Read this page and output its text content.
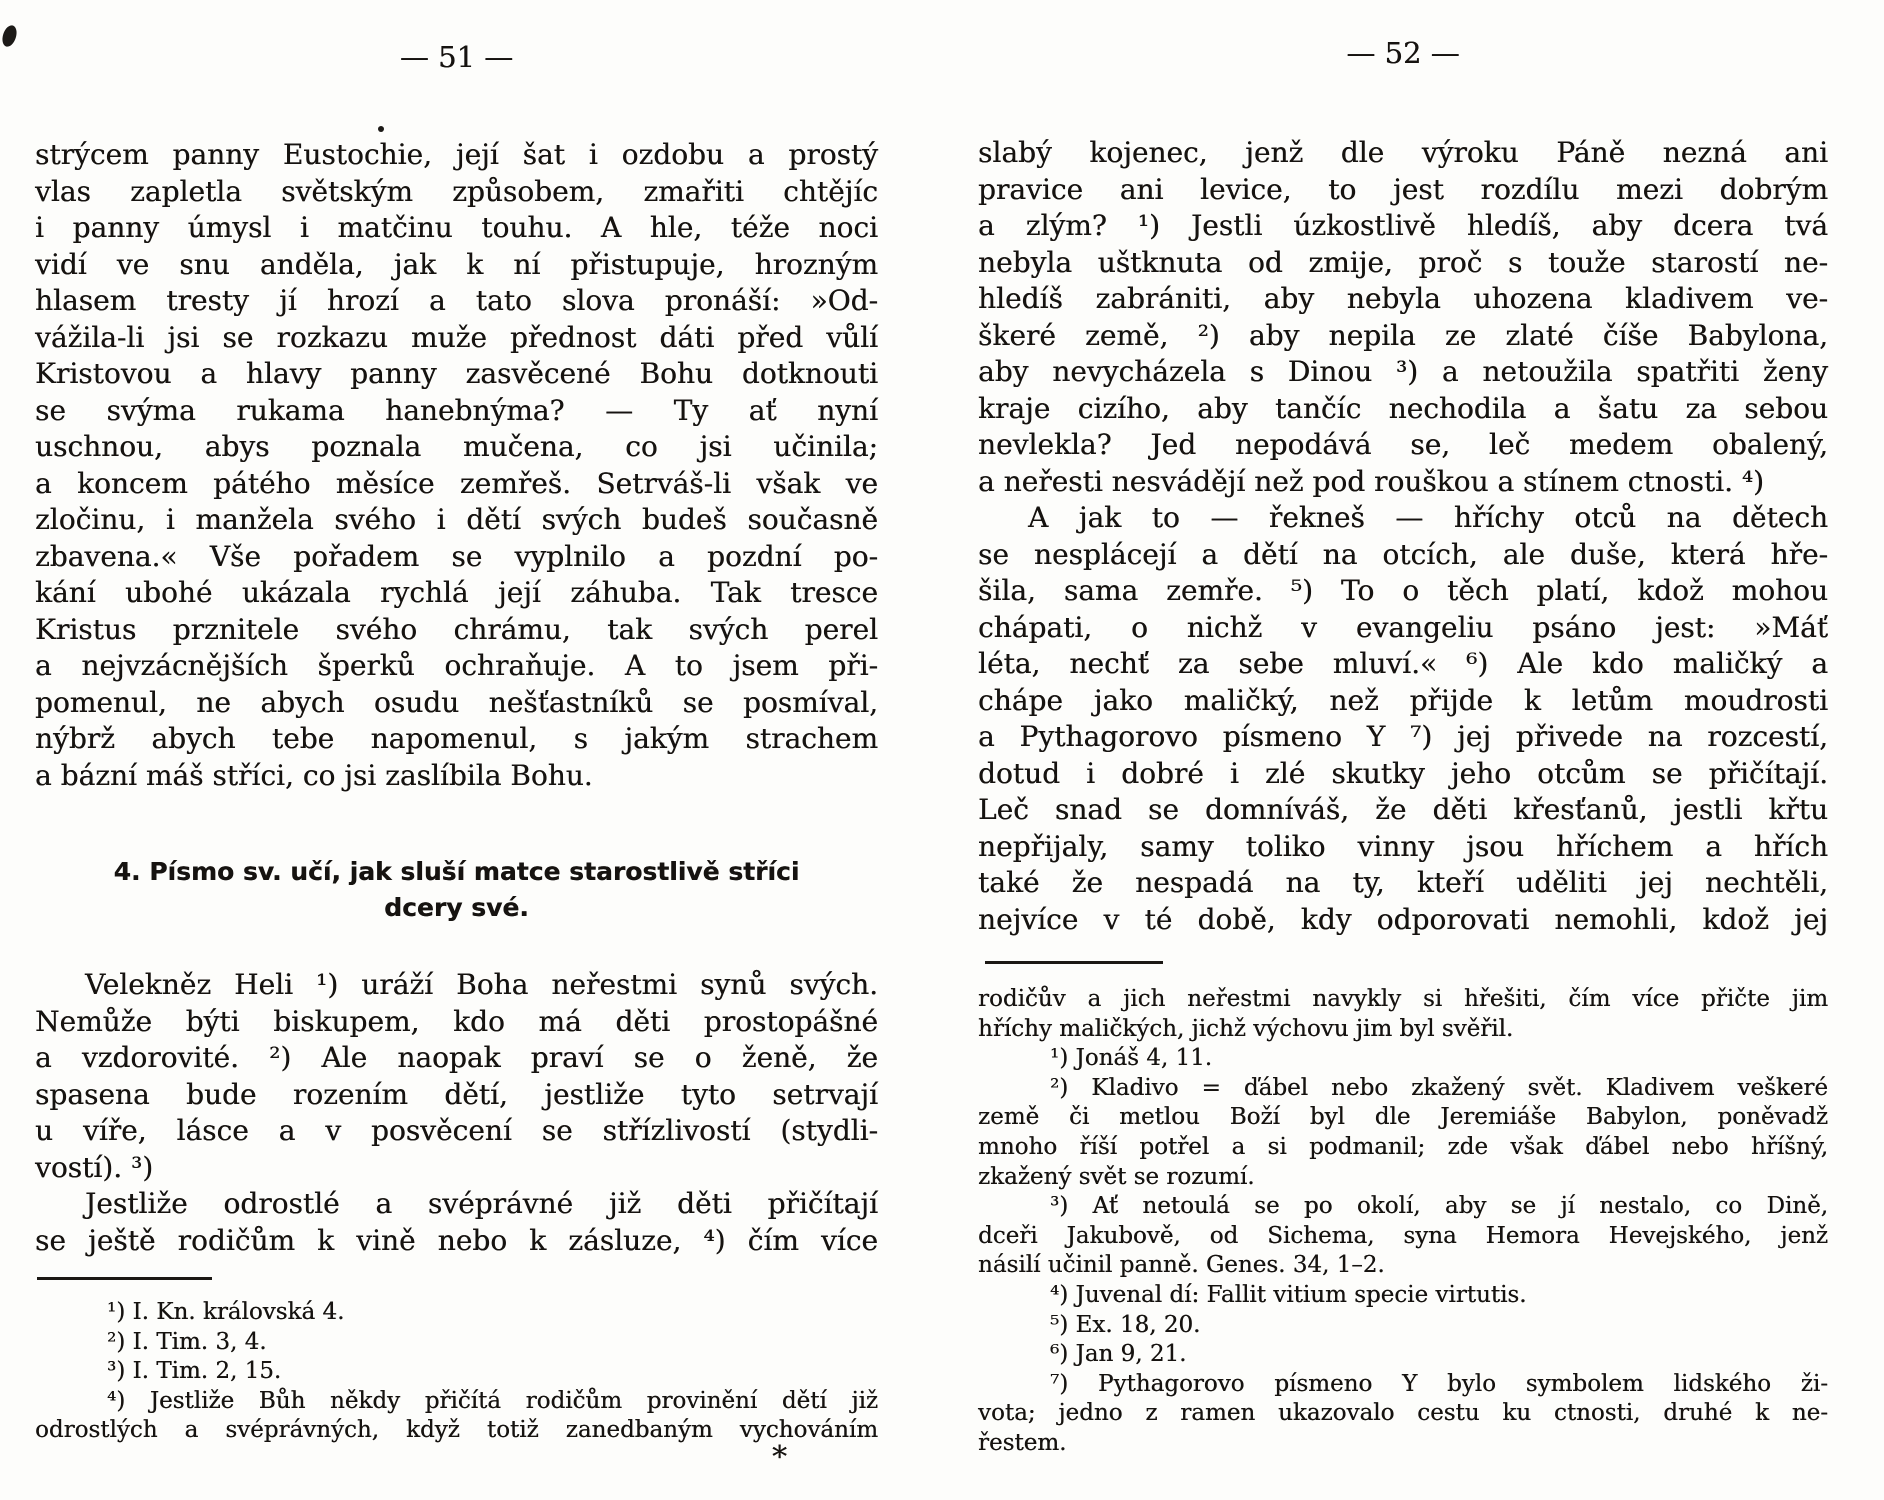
— 51 —
strýcem panny Eustochie, její šat i ozdobu a prostý
vlas zapletla světským způsobem, zmařiti chtějíc
i panny úmysl i matčinu touhu. A hle, téže noci
vidí ve snu anděla, jak k ní přistupuje, hrozným
hlasem tresty jí hrozí a tato slova pronáší: »Od-
vážila-li jsi se rozkazu muže přednost dáti před vůlí
Kristovou a hlavy panny zasvěcené Bohu dotknouti
se svýma rukama hanebnýma? — Ty ať nyní
uschnou, abys poznala mučena, co jsi učinila;
a koncem pátého měsíce zemřeš. Setrváš-li však ve
zločinu, i manžela svého i dětí svých budeš současně
zbavena.« Vše pořadem se vyplnilo a pozdní po-
kání ubohé ukázala rychlá její záhuba. Tak tresce
Kristus prznitele svého chrámu, tak svých perel
a nejvzácnějších šperků ochraňuje. A to jsem při-
pomenul, ne abych osudu nešťastníků se posmíval,
nýbrž abych tebe napomenul, s jakým strachem
a bázní máš stříci, co jsi zaslíbila Bohu.
4. Písmo sv. učí, jak sluší matce starostlivě stříci
dcery své.
Velekněz Heli ¹) uráží Boha neřestmi synů svých.
Nemůže býti biskupem, kdo má děti prostopášné
a vzdorovité. ²) Ale naopak praví se o ženě, že
spasena bude rozením dětí, jestliže tyto setrvají
u víře, lásce a v posvěcení se střízlivostí (stydli-
vostí). ³)
Jestliže odrostlé a svéprávné již děti přičítají
se ještě rodičům k vině nebo k zásluze, ⁴) čím více
¹) I. Kn. královská 4.
²) I. Tim. 3, 4.
³) I. Tim. 2, 15.
⁴) Jestliže Bůh někdy přičítá rodičům provinění dětí již
odrostlých a svéprávných, když totiž zanedbaným vychováním
*
— 52 —
slabý kojenec, jenž dle výroku Páně nezná ani
pravice ani levice, to jest rozdílu mezi dobrým
a zlým? ¹) Jestli úzkostlivě hledíš, aby dcera tvá
nebyla uštknuta od zmije, proč s touže starostí ne-
hledíš zabrániti, aby nebyla uhozena kladivem ve-
škeré země, ²) aby nepila ze zlaté číše Babylona,
aby nevycházela s Dinou ³) a netoužila spatřiti ženy
kraje cizího, aby tančíc nechodila a šatu za sebou
nevlekla? Jed nepodává se, leč medem obalený,
a neřesti nesvádějí než pod rouškou a stínem ctnosti. ⁴)
A jak to — řekneš — hříchy otců na dětech
se nesplácejí a dětí na otcích, ale duše, která hře-
šila, sama zemře. ⁵) To o těch platí, kdož mohou
chápati, o nichž v evangeliu psáno jest: »Máť
léta, nechť za sebe mluví.« ⁶) Ale kdo maličký a
chápe jako maličký, než přijde k letům moudrosti
a Pythagorovo písmeno Y ⁷) jej přivede na rozcestí,
dotud i dobré i zlé skutky jeho otcům se přičítají.
Leč snad se domníváš, že děti křesťanů, jestli křtu
nepřijaly, samy toliko vinny jsou hříchem a hřích
také že nespadá na ty, kteří uděliti jej nechtěli,
nejvíce v té době, kdy odporovati nemohli, kdož jej
rodičův a jich neřestmi navykly si hřešiti, čím více přičte jim
hříchy maličkých, jichž výchovu jim byl svěřil.
¹) Jonáš 4, 11.
²) Kladivo = ďábel nebo zkažený svět. Kladivem veškeré
země či metlou Boží byl dle Jeremiáše Babylon, poněvadž
mnoho říší potřel a si podmanil; zde však ďábel nebo hříšný,
zkažený svět se rozumí.
³) Ať netoulá se po okolí, aby se jí nestalo, co Dině,
dceři Jakubově, od Sichema, syna Hemora Hevejského, jenž
násilí učinil panně. Genes. 34, 1–2.
⁴) Juvenal dí: Fallit vitium specie virtutis.
⁵) Ex. 18, 20.
⁶) Jan 9, 21.
⁷) Pythagorovo písmeno Y bylo symbolem lidského ži-
vota; jedno z ramen ukazovalo cestu ku ctnosti, druhé k ne-
řestem.
